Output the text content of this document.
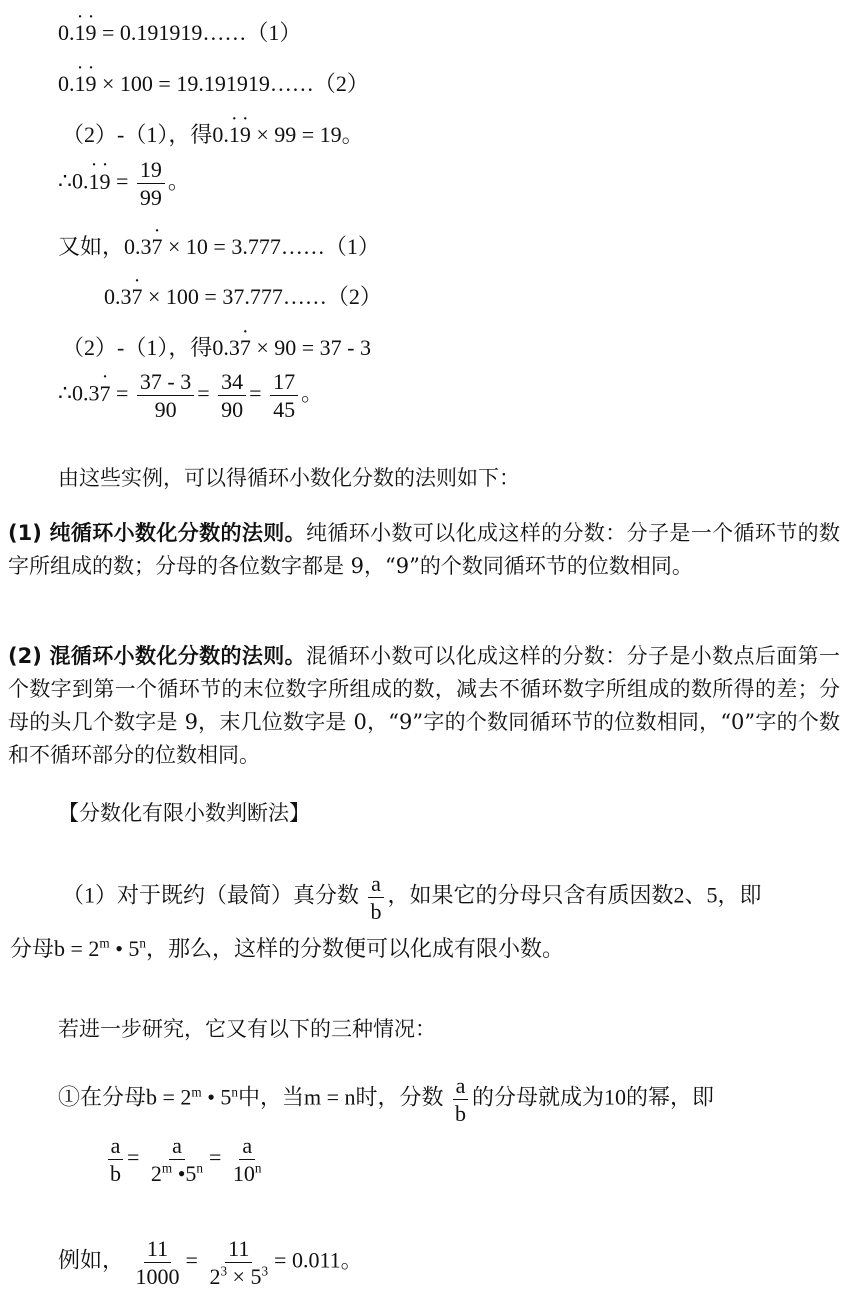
0.· 1· 9 = 0.191919……（1）
0.· 1· 9 × 100 = 19.191919……（2）
（2）-（1），得0.· 1· 9 × 99 = 19。
∴0.· $1\cdot 9 = \frac{19}{99}$ 。
又如，0.3· 7 × 10 = 3.777……（1）
0.3· 7 × 100 = 37.777……（2）
（2）-（1），得0.3· 7 × 90 = 37 - 3
∴0.3· $7 = \frac{37 - 3}{90} = \frac{34}{90} = \frac{17}{45}$ 。
由这些实例，可以得循环小数化分数的法则如下：
(1) 纯循环小数化分数的法则。纯循环小数可以化成这样的分数：分子是一个循环节的数字所组成的数；分母的各位数字都是 9，“9”的个数同循环节的位数相同。
(2) 混循环小数化分数的法则。混循环小数可以化成这样的分数：分子是小数点后面第一个数字到第一个循环节的末位数字所组成的数，减去不循环数字所组成的数所得的差；分母的头几个数字是 9，末几位数字是 0，“9”字的个数同循环节的位数相同，“0”字的个数和不循环部分的位数相同。
【分数化有限小数判断法】
（1）对于既约（最简）真分数 $\frac{a}{b}$ ，如果它的分母只含有质因数2、5，即
分母$b = 2^m$ • 5$^n$，那么，这样的分数便可以化成有限小数。
若进一步研究，它又有以下的三种情况：
①在分母$b = 2^m$ • 5$^n$中，当m = n时，分数 $\frac{a}{b}$ 的分母就成为10的幂，即
$\frac{a}{b} = \frac{a}{2^m •5^n} = \frac{a}{10^n}$
例如， $\frac{11}{1000} = \frac{11}{2^3 \times 5^3} = 0.011$。
